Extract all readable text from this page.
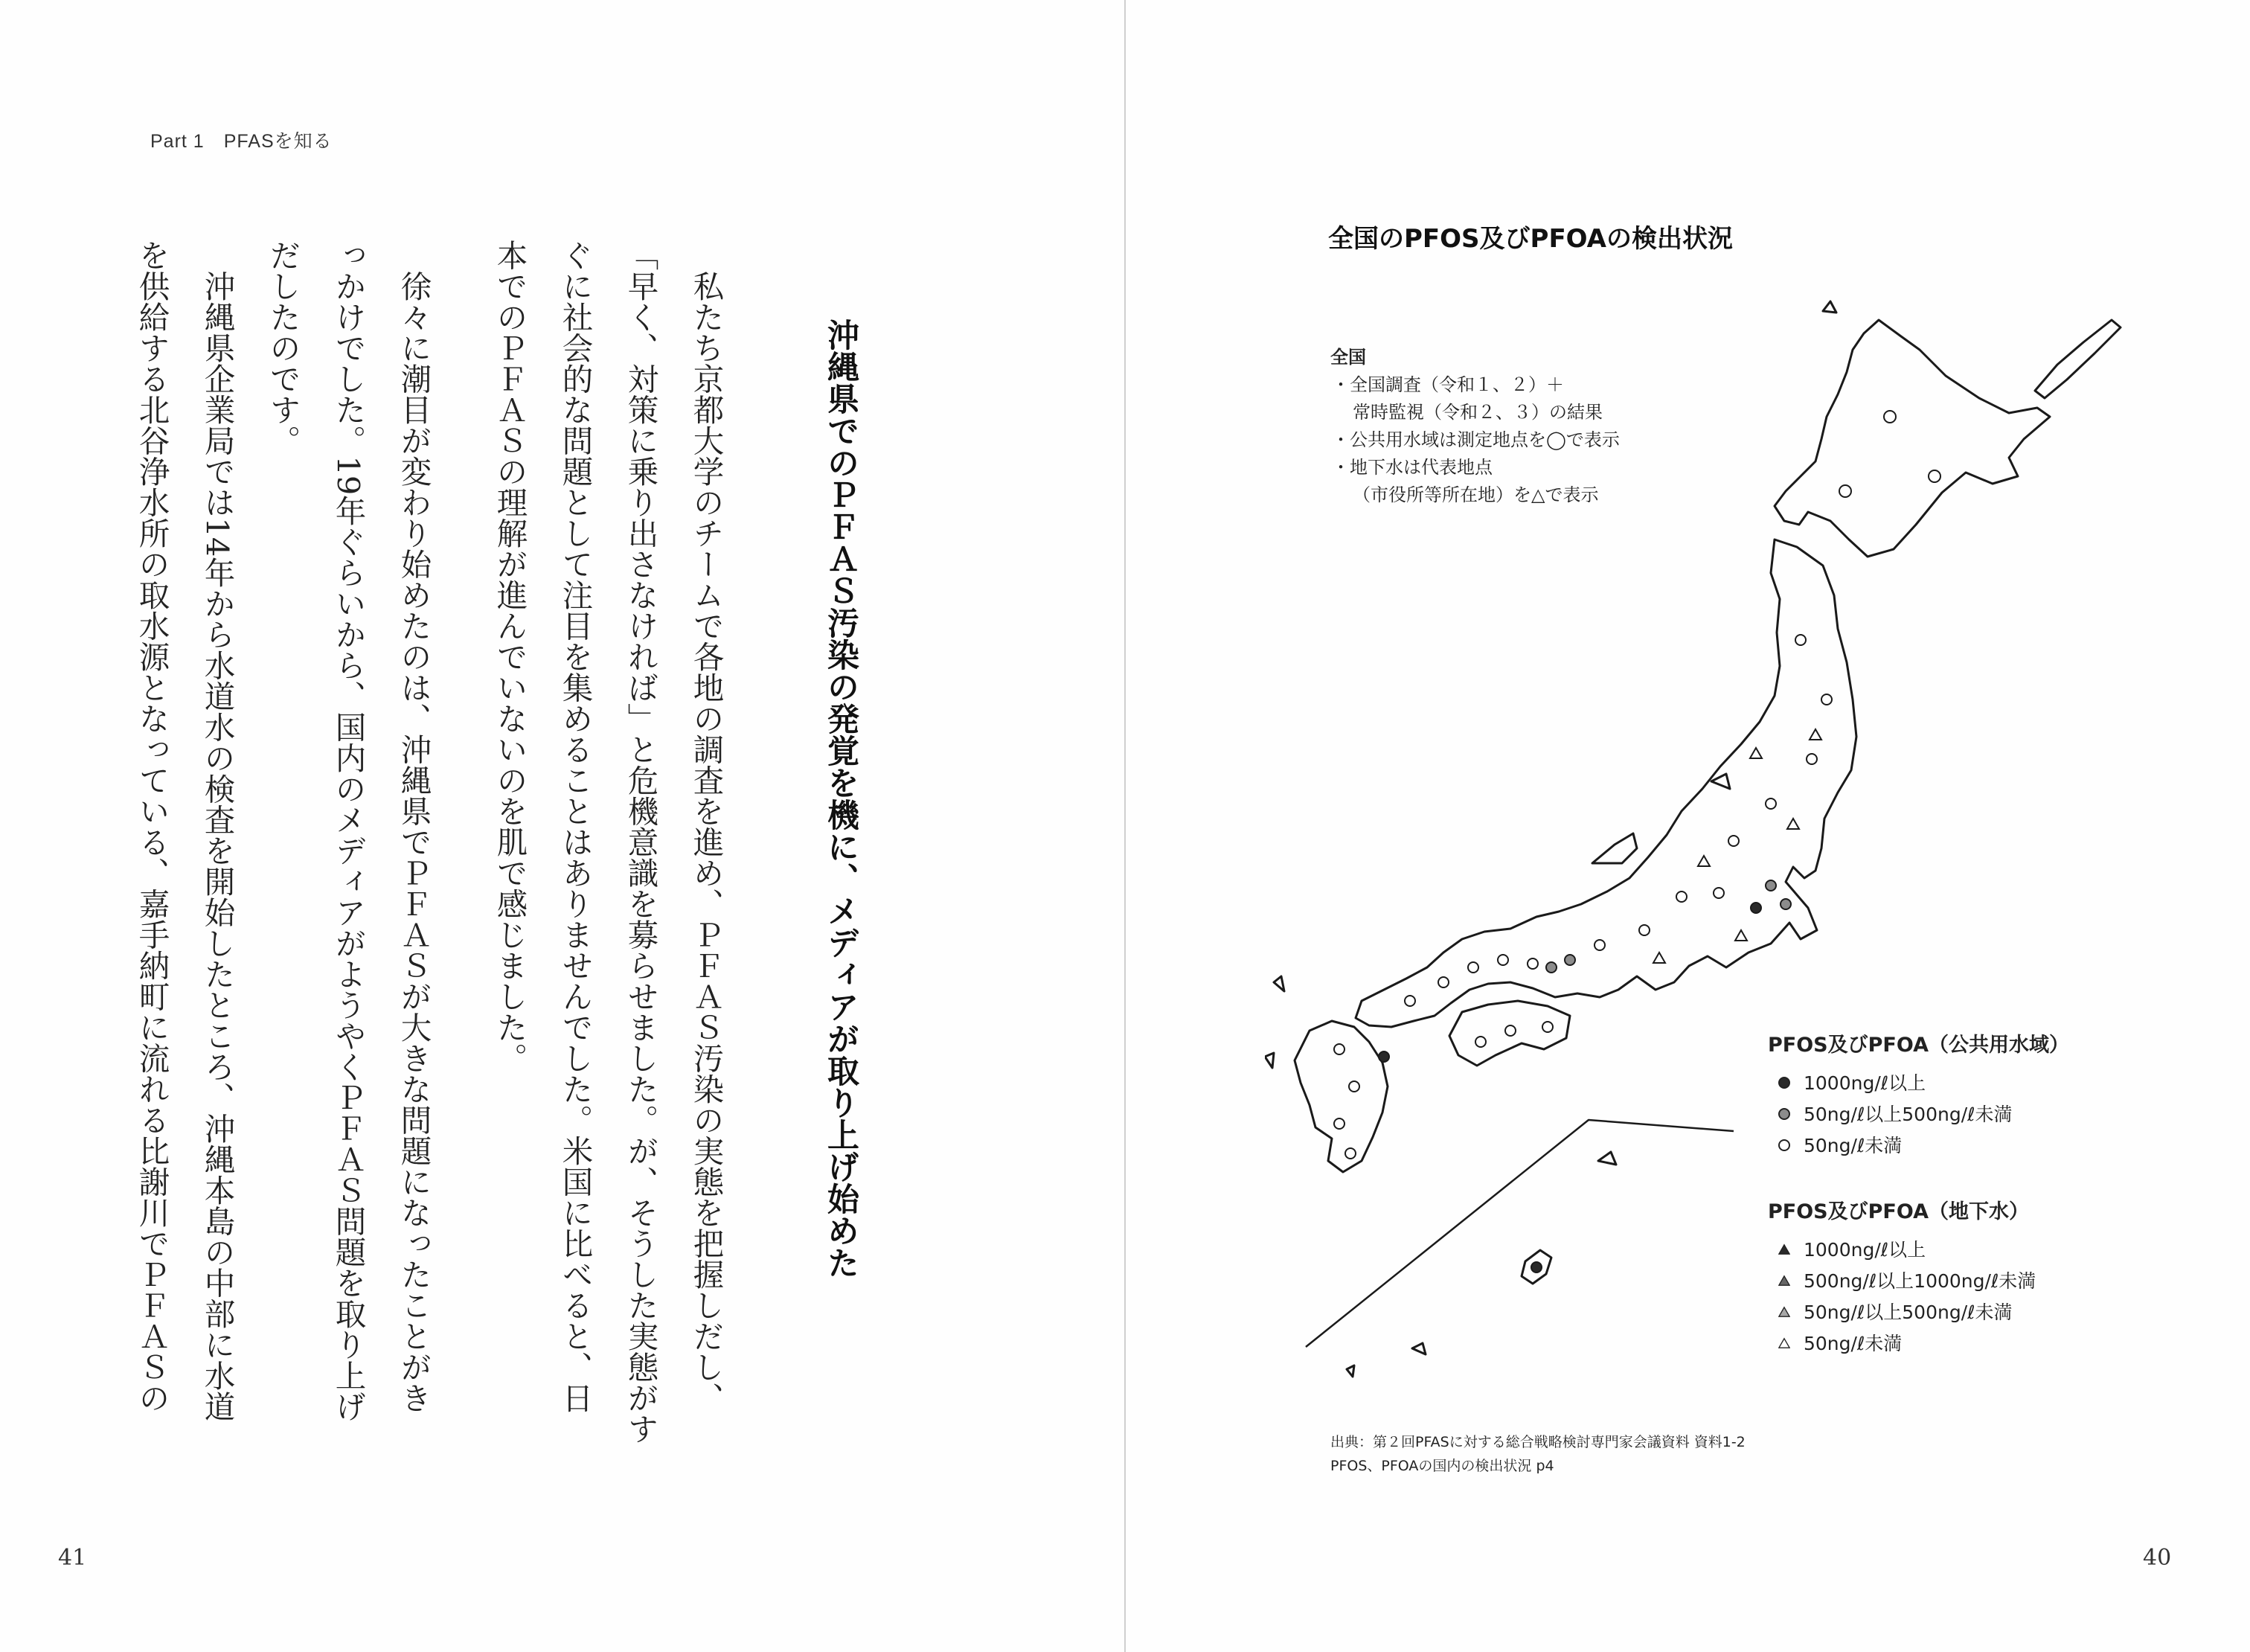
Part 1　PFASを知る
沖縄県でのＰＦＡＳ汚染の発覚を機に、メディアが取り上げ始めた
　私たち京都大学のチームで各地の調査を進め、ＰＦＡＳ汚染の実態を把握しだし、
「早く、対策に乗り出さなければ」と危機意識を募らせました。が、そうした実態がす
ぐに社会的な問題として注目を集めることはありませんでした。米国に比べると、日
本でのＰＦＡＳの理解が進んでいないのを肌で感じました。
　徐々に潮目が変わり始めたのは、沖縄県でＰＦＡＳが大きな問題になったことがき
っかけでした。19年ぐらいから、国内のメディアがようやくＰＦＡＳ問題を取り上げ
だしたのです。
　沖縄県企業局では14年から水道水の検査を開始したところ、沖縄本島の中部に水道
を供給する北谷浄水所の取水源となっている、嘉手納町に流れる比謝川でＰＦＡＳの
41
全国のPFOS及びPFOAの検出状況
全国
・全国調査（令和１、２）＋
常時監視（令和２、３）の結果
・公共用水域は測定地点を◯で表示
・地下水は代表地点
（市役所等所在地）を△で表示
PFOS及びPFOA（公共用水域）
1000ng/ℓ以上
50ng/ℓ以上500ng/ℓ未満
50ng/ℓ未満
PFOS及びPFOA（地下水）
1000ng/ℓ以上
500ng/ℓ以上1000ng/ℓ未満
50ng/ℓ以上500ng/ℓ未満
50ng/ℓ未満
出典：第２回PFASに対する総合戦略検討専門家会議資料 資料1-2
PFOS、PFOAの国内の検出状況 p4
40
